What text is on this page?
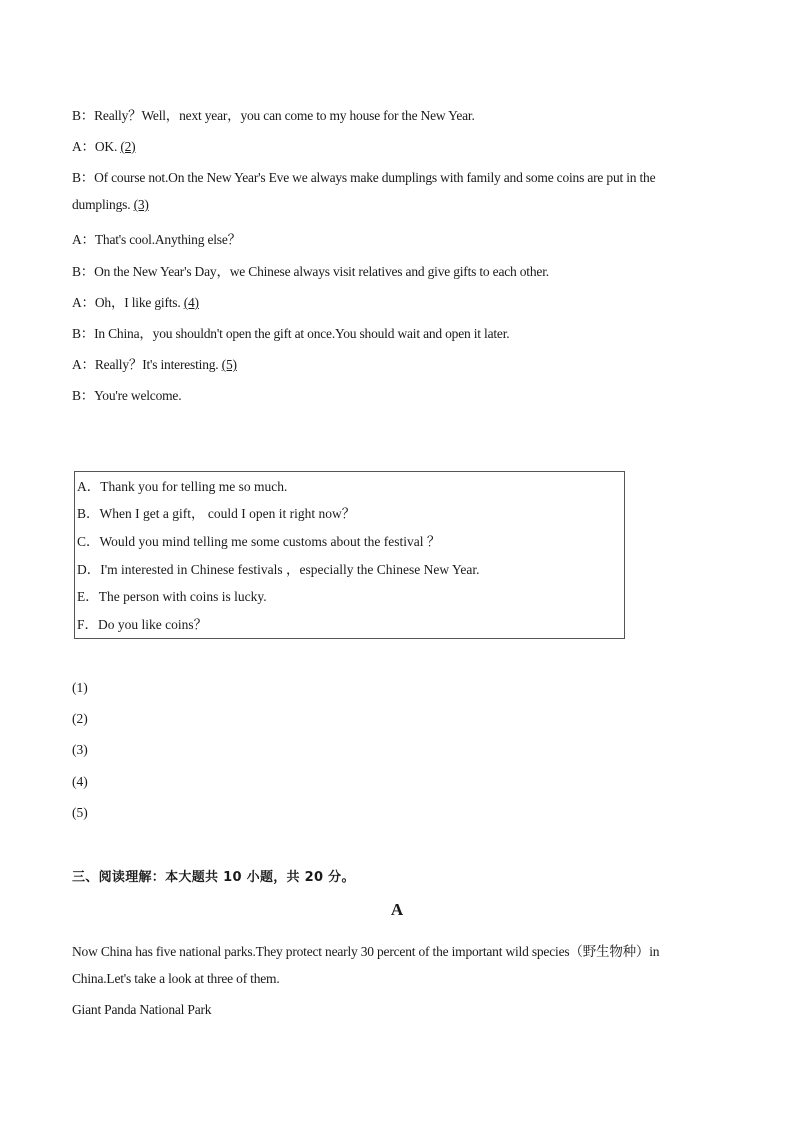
B：Really？Well，next year，you can come to my house for the New Year.
A：OK. (2)
B：Of course not.On the New Year's Eve we always make dumplings with family and some coins are put in the
dumplings. (3)
A：That's cool.Anything else？
B：On the New Year's Day，we Chinese always visit relatives and give gifts to each other.
A：Oh，I like gifts. (4)
B：In China，you shouldn't open the gift at once.You should wait and open it later.
A：Really？It's interesting. (5)
B：You're welcome.
A．Thank you for telling me so much.
B．When I get a gift， could I open it right now？
C．Would you mind telling me some customs about the festival ？
D．I'm interested in Chinese festivals ，especially the Chinese New Year.
E．The person with coins is lucky.
F．Do you like coins？
(1)
(2)
(3)
(4)
(5)
三、阅读理解：本大题共 10 小题，共 20 分。
A
Now China has five national parks.They protect nearly 30 percent of the important wild species（野生物种）in
China.Let's take a look at three of them.
Giant Panda National Park
